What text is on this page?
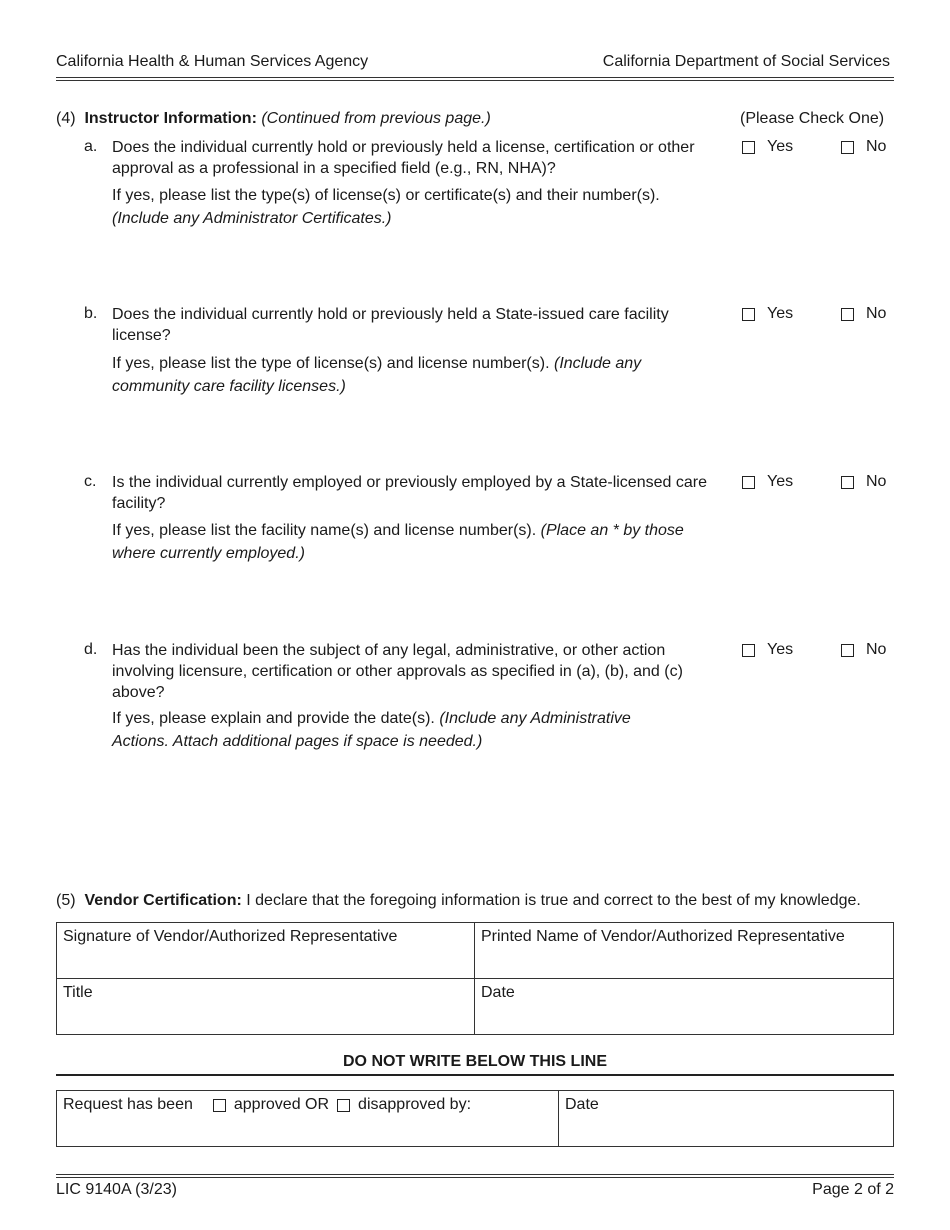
California Health & Human Services Agency	California Department of Social Services
(4) Instructor Information: (Continued from previous page.)	(Please Check One)
a. Does the individual currently hold or previously held a license, certification or other approval as a professional in a specified field (e.g., RN, NHA)?
If yes, please list the type(s) of license(s) or certificate(s) and their number(s).
(Include any Administrator Certificates.)
Yes	No
b. Does the individual currently hold or previously held a State-issued care facility license?
If yes, please list the type of license(s) and license number(s). (Include any community care facility licenses.)
Yes	No
c. Is the individual currently employed or previously employed by a State-licensed care facility?
If yes, please list the facility name(s) and license number(s). (Place an * by those where currently employed.)
Yes	No
d. Has the individual been the subject of any legal, administrative, or other action involving licensure, certification or other approvals as specified in (a), (b), and (c) above?
If yes, please explain and provide the date(s). (Include any Administrative Actions. Attach additional pages if space is needed.)
Yes	No
(5) Vendor Certification: I declare that the foregoing information is true and correct to the best of my knowledge.
Signature of Vendor/Authorized Representative	Printed Name of Vendor/Authorized Representative
Title	Date
DO NOT WRITE BELOW THIS LINE
Request has been	approved OR disapproved by:	Date
LIC 9140A (3/23)	Page 2 of 2
